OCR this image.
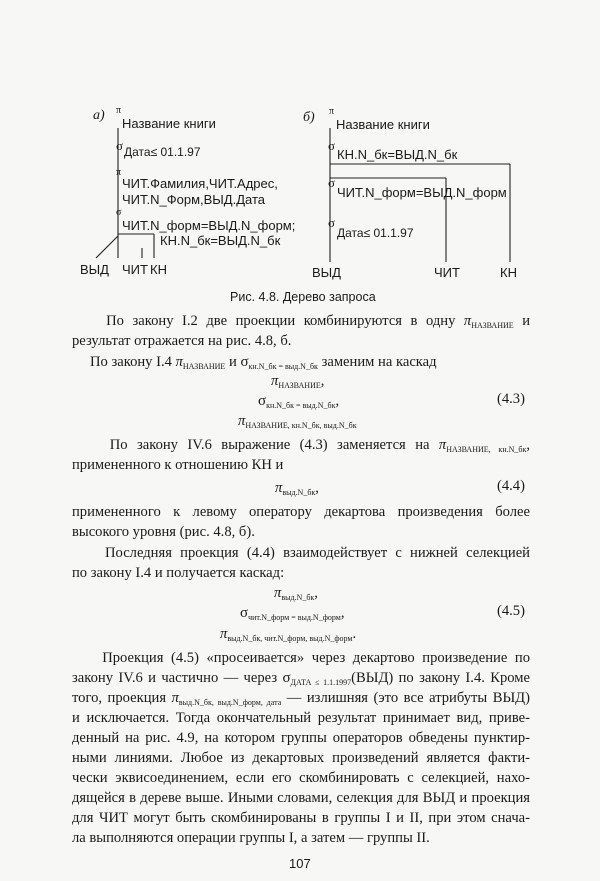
а) π
Название книги
σ Дата≤ 01.1.97
π
ЧИТ.Фамилия,ЧИТ.Адрес,
ЧИТ.N_Форм,ВЫД.Дата
σ
ЧИТ.N_форм=ВЫД.N_форм;
КН.N_бк=ВЫД.N_бк
ВЫД ЧИТ КН
б) π
Название книги
σ
КН.N_бк=ВЫД.N_бк
σ
ЧИТ.N_форм=ВЫД.N_форм
σ
Дата≤ 01.1.97
ВЫД	ЧИТ	КН
Рис. 4.8. Дерево запроса
По закону I.2 две проекции комбинируются в одну $\pi_{НАЗВАНИЕ}$ и
результат отражается на рис. 4.8, б.
По закону I.4 $\pi_{НАЗВАНИЕ}$ и $\sigma_{кн.N\_бк = выд.N\_бк}$ заменим на каскад
$\pi_{НАЗВАНИЕ}$,
$\sigma_{кн.N\_бк = выд.N\_бк}$,
$\pi_{НАЗВАНИЕ, кн.N\_бк, выд.N\_бк}$
(4.3)
По закону IV.6 выражение (4.3) заменяется на $\pi_{НАЗВАНИЕ, кн.N\_бк}$,
примененного к отношению КН и
$\pi_{выд.N\_бк}$,	(4.4)
примененного к левому оператору декартова произведения более
высокого уровня (рис. 4.8, б).
Последняя проекция (4.4) взаимодействует с нижней селекцией
по закону I.4 и получается каскад:
$\pi_{выд.N\_бк}$,
$\sigma_{чит.N\_форм = выд.N\_форм}$,
$\pi_{выд.N\_бк, чит.N\_форм, выд.N\_форм}$.
(4.5)
Проекция (4.5) «просеивается» через декартово произведение по
закону IV.6 и частично — через $\sigma_{ДАТА \le 1.1.1997}(ВЫД)$ по закону I.4. Кроме
того, проекция $\pi_{выд.N\_бк, выд.N\_форм, дата}$ — излишняя (это все атрибуты ВЫД)
и исключается. Тогда окончательный результат принимает вид, приве-
денный на рис. 4.9, на котором группы операторов обведены пунктир-
ными линиями. Любое из декартовых произведений является факти-
чески эквисоединением, если его скомбинировать с селекцией, нахо-
дящейся в дереве выше. Иными словами, селекция для ВЫД и проекция
для ЧИТ могут быть скомбинированы в группы I и II, при этом снача-
ла выполняются операции группы I, а затем — группы II.
107
